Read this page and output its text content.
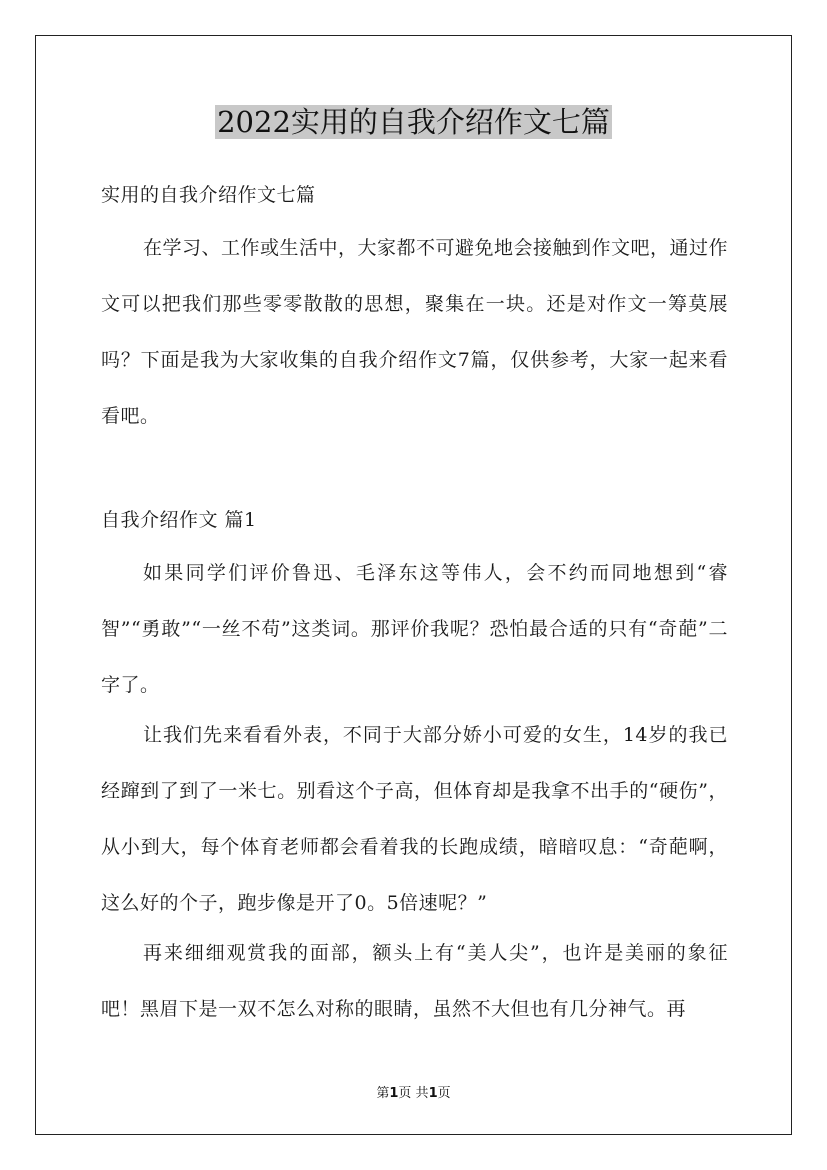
2022实用的自我介绍作文七篇
实用的自我介绍作文七篇
在学习、工作或生活中，大家都不可避免地会接触到作文吧，通过作文可以把我们那些零零散散的思想，聚集在一块。还是对作文一筹莫展吗？下面是我为大家收集的自我介绍作文7篇，仅供参考，大家一起来看看吧。
自我介绍作文 篇1
如果同学们评价鲁迅、毛泽东这等伟人，会不约而同地想到“睿智”“勇敢”“一丝不苟”这类词。那评价我呢？恐怕最合适的只有“奇葩”二字了。
让我们先来看看外表，不同于大部分娇小可爱的女生，14岁的我已经蹿到了到了一米七。别看这个子高，但体育却是我拿不出手的“硬伤”，从小到大，每个体育老师都会看着我的长跑成绩，暗暗叹息：“奇葩啊，这么好的个子，跑步像是开了0。5倍速呢？”
再来细细观赏我的面部，额头上有“美人尖”，也许是美丽的象征吧！黑眉下是一双不怎么对称的眼睛，虽然不大但也有几分神气。再
第1页 共1页
